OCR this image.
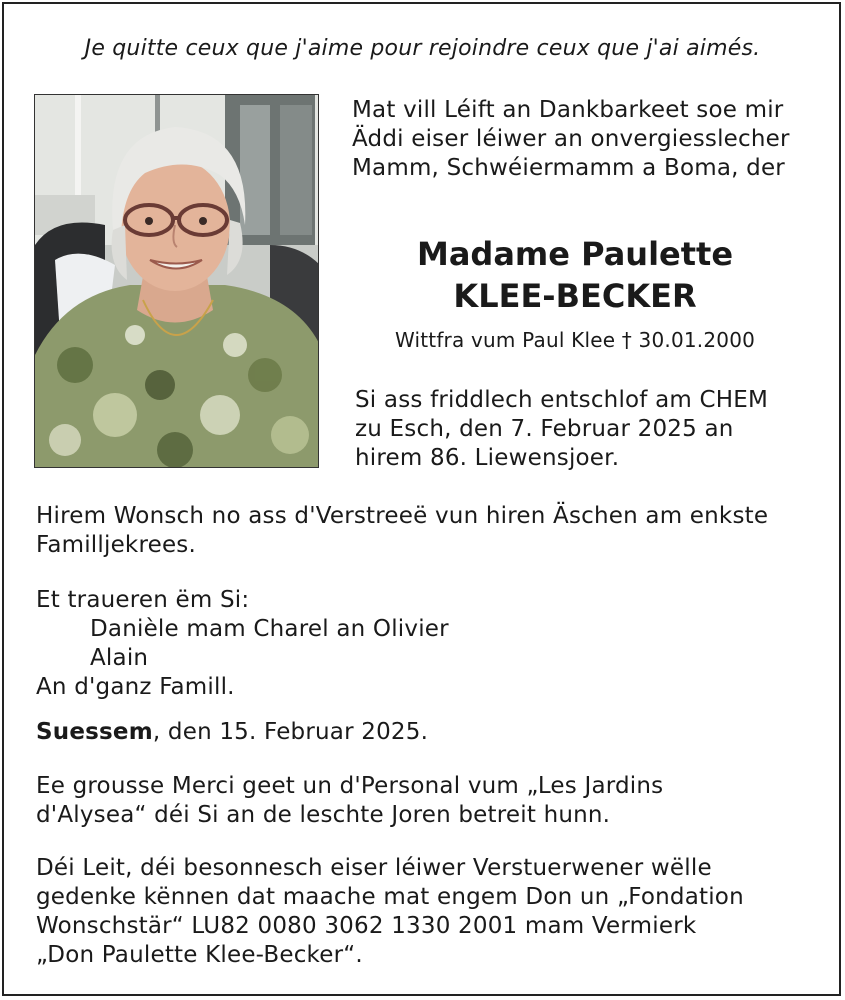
Je quitte ceux que j'aime pour rejoindre ceux que j'ai aimés.
Mat vill Léift an Dankbarkeet soe mir
Äddi eiser léiwer an onvergiesslecher
Mamm, Schwéiermamm a Boma, der
Madame Paulette
KLEE-BECKER
Wittfra vum Paul Klee † 30.01.2000
Si ass friddlech entschlof am CHEM
zu Esch, den 7. Februar 2025 an
hirem 86. Liewensjoer.
Hirem Wonsch no ass d'Verstreeë vun hiren Äschen am enkste
Familljekrees.
Et traueren ëm Si:
Danièle mam Charel an Olivier
Alain
An d'ganz Famill.
Suessem, den 15. Februar 2025.
Ee grousse Merci geet un d'Personal vum „Les Jardins
d'Alysea“ déi Si an de leschte Joren betreit hunn.
Déi Leit, déi besonnesch eiser léiwer Verstuerwener wëlle
gedenke kënnen dat maache mat engem Don un „Fondation
Wonschstär“ LU82 0080 3062 1330 2001 mam Vermierk
„Don Paulette Klee-Becker“.
